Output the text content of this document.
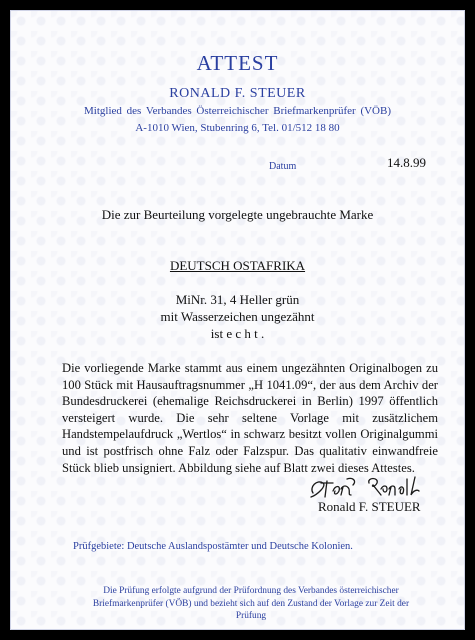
ATTEST
RONALD F. STEUER
Mitglied des Verbandes Österreichischer Briefmarkenprüfer (VÖB)
A-1010 Wien, Stubenring 6, Tel. 01/512 18 80
Datum	14.8.99
Die zur Beurteilung vorgelegte ungebrauchte Marke
DEUTSCH OSTAFRIKA
MiNr. 31, 4 Heller grün
mit Wasserzeichen ungezähnt
ist e c h t .
Die vorliegende Marke stammt aus einem ungezähnten Originalbogen zu 100 Stück mit Hausauftragsnummer „H 1041.09“, der aus dem Archiv der Bundesdruckerei (ehemalige Reichsdruckerei in Berlin) 1997 öffentlich versteigert wurde. Die sehr seltene Vorlage mit zusätzlichem Handstempelaufdruck „Wertlos“ in schwarz besitzt vollen Originalgummi und ist postfrisch ohne Falz oder Falzspur. Das qualitativ einwandfreie Stück blieb unsigniert. Abbildung siehe auf Blatt zwei dieses Attestes.
Ronald F. STEUER
Prüfgebiete: Deutsche Auslandspostämter und Deutsche Kolonien.
Die Prüfung erfolgte aufgrund der Prüfordnung des Verbandes österreichischer Briefmarkenprüfer (VÖB) und bezieht sich auf den Zustand der Vorlage zur Zeit der Prüfung
